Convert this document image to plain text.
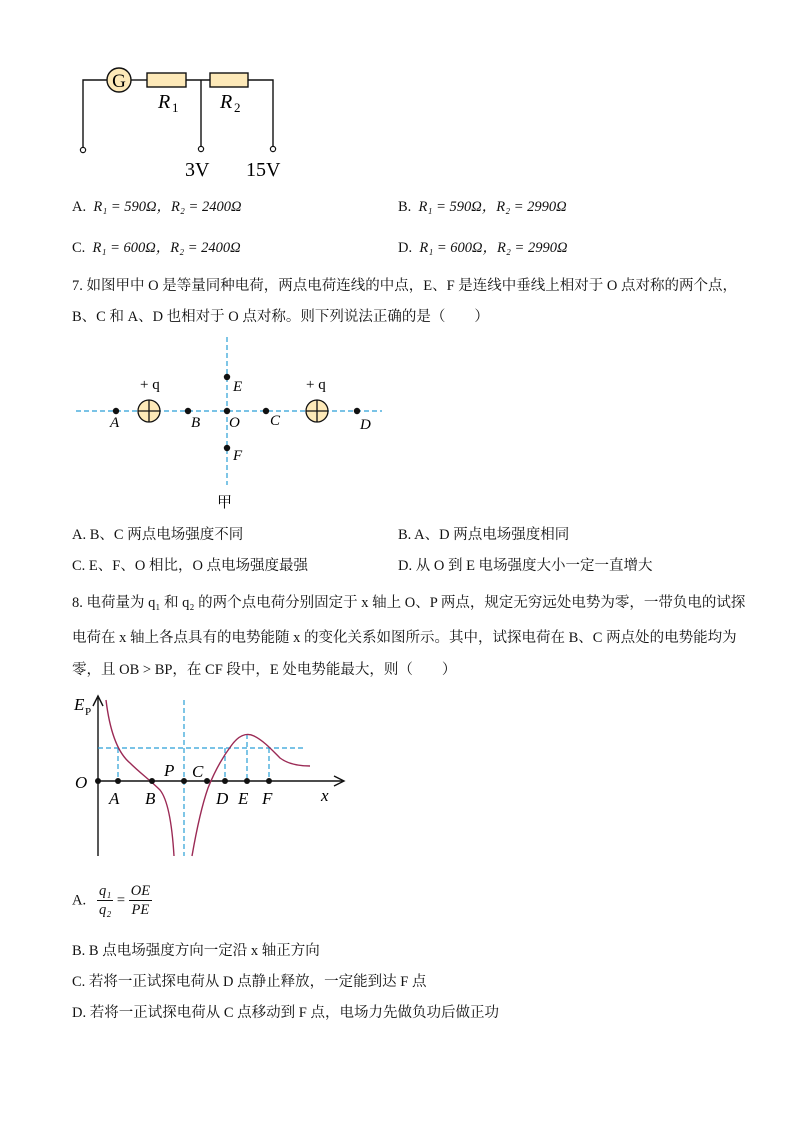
G
R 1 R 2
3V 15V
A. R₁ = 590Ω，R₂ = 2400Ω	B. R₁ = 590Ω，R₂ = 2990Ω
C. R₁ = 600Ω，R₂ = 2400Ω	D. R₁ = 600Ω，R₂ = 2990Ω
7. 如图甲中 O 是等量同种电荷，两点电荷连线的中点，E、F 是连线中垂线上相对于 O 点对称的两个点，
B、C 和 A、D 也相对于 O 点对称。则下列说法正确的是（　　）
+ q	+ q
A	B O C	D
E
F
甲
A. B、C 两点电场强度不同	B. A、D 两点电场强度相同
C. E、F、O 相比，O 点电场强度最强	D. 从 O 到 E 电场强度大小一定一直增大
8. 电荷量为 q₁ 和 q₂ 的两个点电荷分别固定于 x 轴上 O、P 两点，规定无穷远处电势为零，一带负电的试探
电荷在 x 轴上各点具有的电势能随 x 的变化关系如图所示。其中，试探电荷在 B、C 两点处的电势能均为
零，且 OB > BP，在 CF 段中，E 处电势能最大，则（　　）
E P
O
x
A B
P C
D E F
A. $\frac{\text{q₁}}{\text{q₂}} = \frac{OE}{PE}$
B. B 点电场强度方向一定沿 x 轴正方向
C. 若将一正试探电荷从 D 点静止释放，一定能到达 F 点
D. 若将一正试探电荷从 C 点移动到 F 点，电场力先做负功后做正功
